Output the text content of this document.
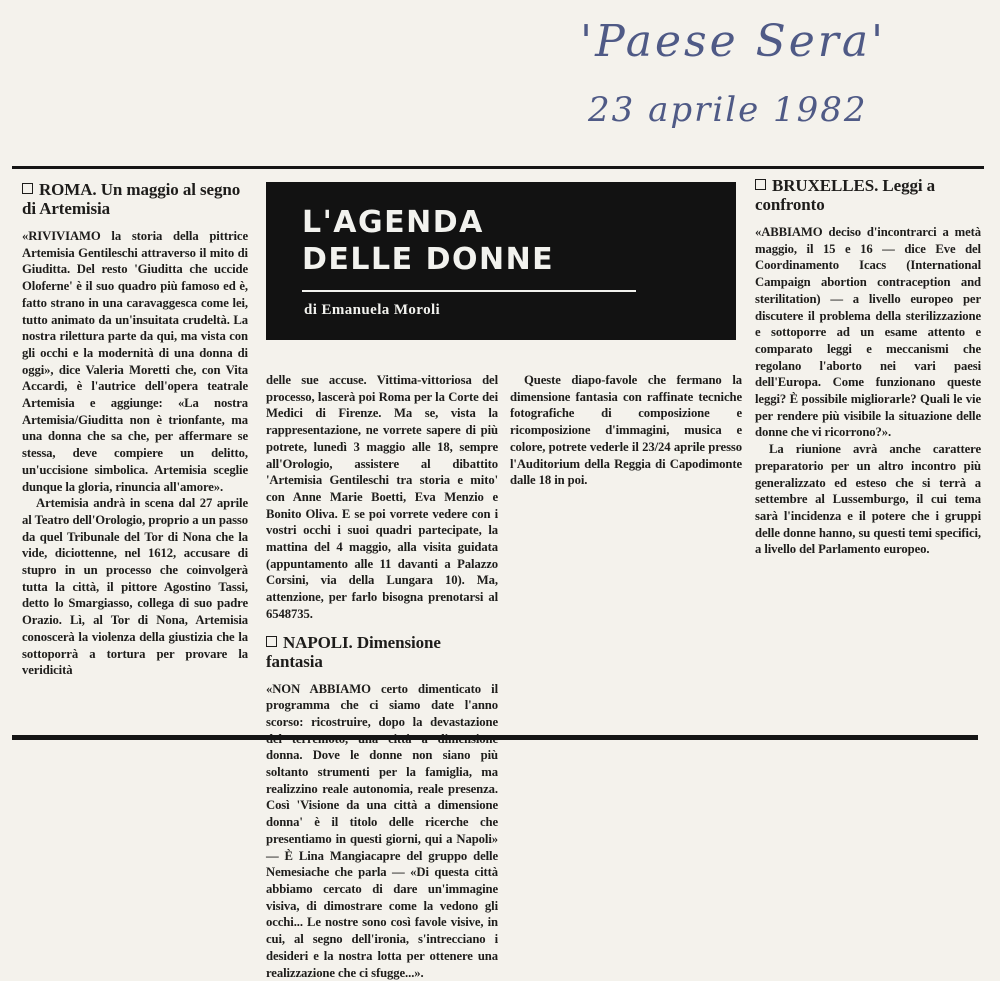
'Paese Sera'
23 aprile 1982
L'AGENDA
DELLE DONNE
di Emanuela Moroli
ROMA. Un maggio al segno di Artemisia

«RIVIVIAMO la storia della pittrice Artemisia Gentileschi attraverso il mito di Giuditta. Del resto 'Giuditta che uccide Oloferne' è il suo quadro più famoso ed è, fatto strano in una caravaggesca come lei, tutto animato da un'insuitata crudeltà. La nostra rilettura parte da qui, ma vista con gli occhi e la modernità di una donna di oggi», dice Valeria Moretti che, con Vita Accardi, è l'autrice dell'opera teatrale Artemisia e aggiunge: «La nostra Artemisia/Giuditta non è trionfante, ma una donna che sa che, per affermare se stessa, deve compiere un delitto, un'uccisione simbolica. Artemisia sceglie dunque la gloria, rinuncia all'amore».

Artemisia andrà in scena dal 27 aprile al Teatro dell'Orologio, proprio a un passo da quel Tribunale del Tor di Nona che la vide, diciottenne, nel 1612, accusare di stupro in un processo che coinvolgerà tutta la città, il pittore Agostino Tassi, detto lo Smargiasso, collega di suo padre Orazio. Lì, al Tor di Nona, Artemisia conoscerà la violenza della giustizia che la sottoporrà a tortura per provare la veridicità

delle sue accuse. Vittima-vittoriosa del processo, lascerà poi Roma per la Corte dei Medici di Firenze. Ma se, vista la rappresentazione, ne vorrete sapere di più potrete, lunedì 3 maggio alle 18, sempre all'Orologio, assistere al dibattito 'Artemisia Gentileschi tra storia e mito' con Anne Marie Boetti, Eva Menzio e Bonito Oliva. E se poi vorrete vedere con i vostri occhi i suoi quadri partecipate, la mattina del 4 maggio, alla visita guidata (appuntamento alle 11 davanti a Palazzo Corsini, via della Lungara 10). Ma, attenzione, per farlo bisogna prenotarsi al 6548735.

NAPOLI. Dimensione fantasia

«NON ABBIAMO certo dimenticato il programma che ci siamo date l'anno scorso: ricostruire, dopo la devastazione donna. Dove le donne non siano più soltanto strumenti per la famiglia, ma realizzino reale autonomia, reale presenza. Così 'Visione da una città a dimensione donna' è il titolo delle ricerche che presentiamo in questi giorni, qui a Napoli» — È Lina Mangiacapre del gruppo delle Nemesiache che parla — «Di questa città abbiamo cercato di dare un'immagine visiva, di dimostrare come la vedono gli occhi... Le nostre sono così favole visive, in cui, al segno dell'ironia, s'intrecciano i desideri e la nostra lotta per ottenere una realizzazione che ci sfugge...».

Queste diapo-favole che fermano la dimensione fantasia con raffinate tecniche fotografiche di composizione e ricomposizione d'immagini, musica e colore, potrete vederle il 23/24 aprile presso l'Auditorium della Reggia di Capodimonte dalle 18 in poi.

BRUXELLES. Leggi a confronto

«ABBIAMO deciso d'incontrarci a metà maggio, il 15 e 16 — dice Eve del Coordinamento Icacs (International Campaign abortion contraception and sterilitation) — a livello europeo per discutere il problema della sterilizzazione e sottoporre ad un esame attento e comparato leggi e meccanismi che regolano l'aborto nei vari paesi dell'Europa. Come funzionano queste leggi? È possibile migliorarle? Quali le vie per rendere più visibile la situazione delle donne che vi ricorrono?».

La riunione avrà anche carattere preparatorio per un altro incontro più generalizzato ed esteso che si terrà a settembre al Lussemburgo, il cui tema sarà l'incidenza e il potere che i gruppi delle donne hanno, su questi temi specifici, a livello del Parlamento europeo.
